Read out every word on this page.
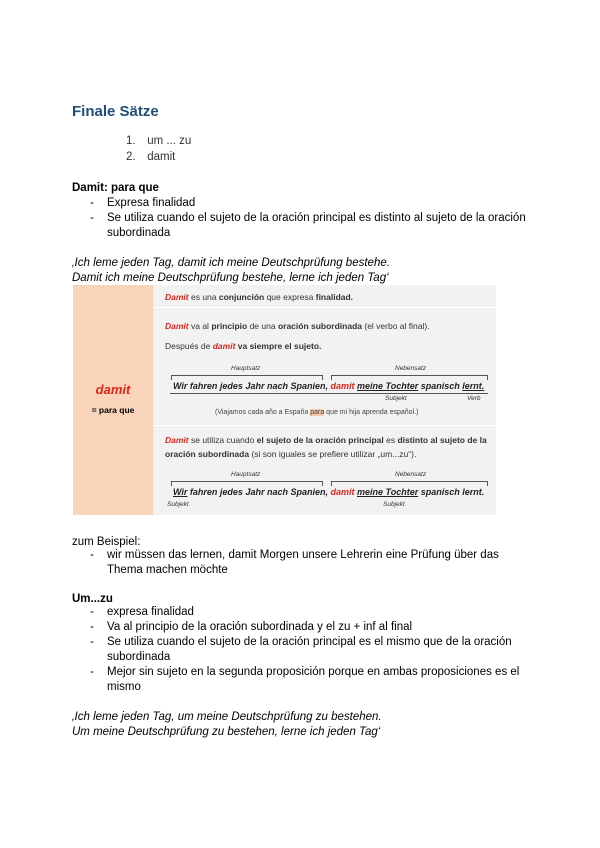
Finale Sätze
1. um ... zu
2. damit
Damit: para que
- Expresa finalidad
- Se utiliza cuando el sujeto de la oración principal es distinto al sujeto de la oración subordinada
‚Ich leme jeden Tag, damit ich meine Deutschprüfung bestehe.
Damit ich meine Deutschprüfung bestehe, lerne ich jeden Tag‘
damit
= para que
Damit es una conjunción que expresa finalidad.
Damit va al principio de una oración subordinada (el verbo al final).
Después de damit va siempre el sujeto.
Hauptsatz	Nebensatz
Wir fahren jedes Jahr nach Spanien, damit meine Tochter spanisch lernt.
Subjekt	Verb
(Viajamos cada año a España para que mi hija aprenda español.)
Damit se utiliza cuando el sujeto de la oración principal es distinto al sujeto de la oración subordinada (si son iguales se prefiere utilizar „um...zu“).
Hauptsatz	Nebensatz
Wir fahren jedes Jahr nach Spanien, damit meine Tochter spanisch lernt.
Subjekt	Subjekt
zum Beispiel:
- wir müssen das lernen, damit Morgen unsere Lehrerin eine Prüfung über das Thema machen möchte
Um...zu
- expresa finalidad
- Va al principio de la oración subordinada y el zu + inf al final
- Se utiliza cuando el sujeto de la oración principal es el mismo que de la oración subordinada
- Mejor sin sujeto en la segunda proposición porque en ambas proposiciones es el mismo
‚Ich leme jeden Tag, um meine Deutschprüfung zu bestehen.
Um meine Deutschprüfung zu bestehen, lerne ich jeden Tag‘
